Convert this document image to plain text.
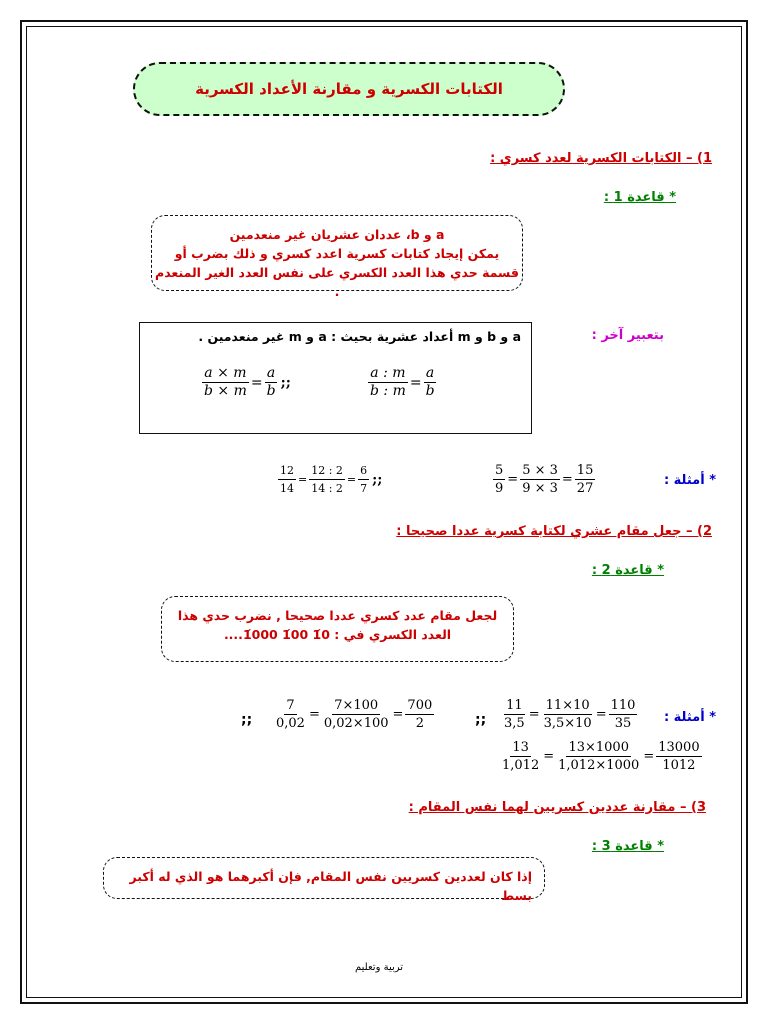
الكتابات الكسرية و مقارنة الأعداد الكسرية
1) – الكتابات الكسرية لعدد كسري :
* قاعدة 1 :
a و b، عددان عشريان غير منعدمين
يمكن إيجاد كتابات كسرية اعدد كسري و ذلك بضرب أو
قسمة حدي هذا العدد الكسري على نفس العدد الغير المنعدم .
بتعبير آخر :
a و b و m أعداد عشرية بحيث : a و m غير منعدمين .
$\frac{a \times m}{b \times m} = \frac{a}{b}$ ;;	$\frac{a : m}{b : m} = \frac{a}{b}$
* أمثلة :
$\frac{5}{9} = \frac{5 \times 3}{9 \times 3} = \frac{15}{27}$
$\frac{12}{14} = \frac{12 : 2}{14 : 2} = \frac{6}{7}$ ;;
2) – جعل مقام عشري لكتابة كسرية عددا صحيحا :
* قاعدة 2 :
لجعل مقام عدد كسري عددا صحيحا , نضرب حدي هذا
العدد الكسري في : 1́0 1́00 1́000....
* أمثلة :
$\frac{11}{3,5} = \frac{11\times 10}{3,5\times 10} = \frac{110}{35}$
;;
$\frac{7}{0,02} = \frac{7\times 100}{0,02\times 100} = \frac{700}{2}$
;;
$\frac{13}{1,012} = \frac{13\times 1000}{1,012\times 1000} = \frac{13000}{1012}$
3) – مقارنة عددين كسريين لهما نفس المقام :
* قاعدة 3 :
إذا كان لعددين كسريين نفس المقام, فإن أكبرهما هو الذي له أكبر بسط
تربية وتعليم
